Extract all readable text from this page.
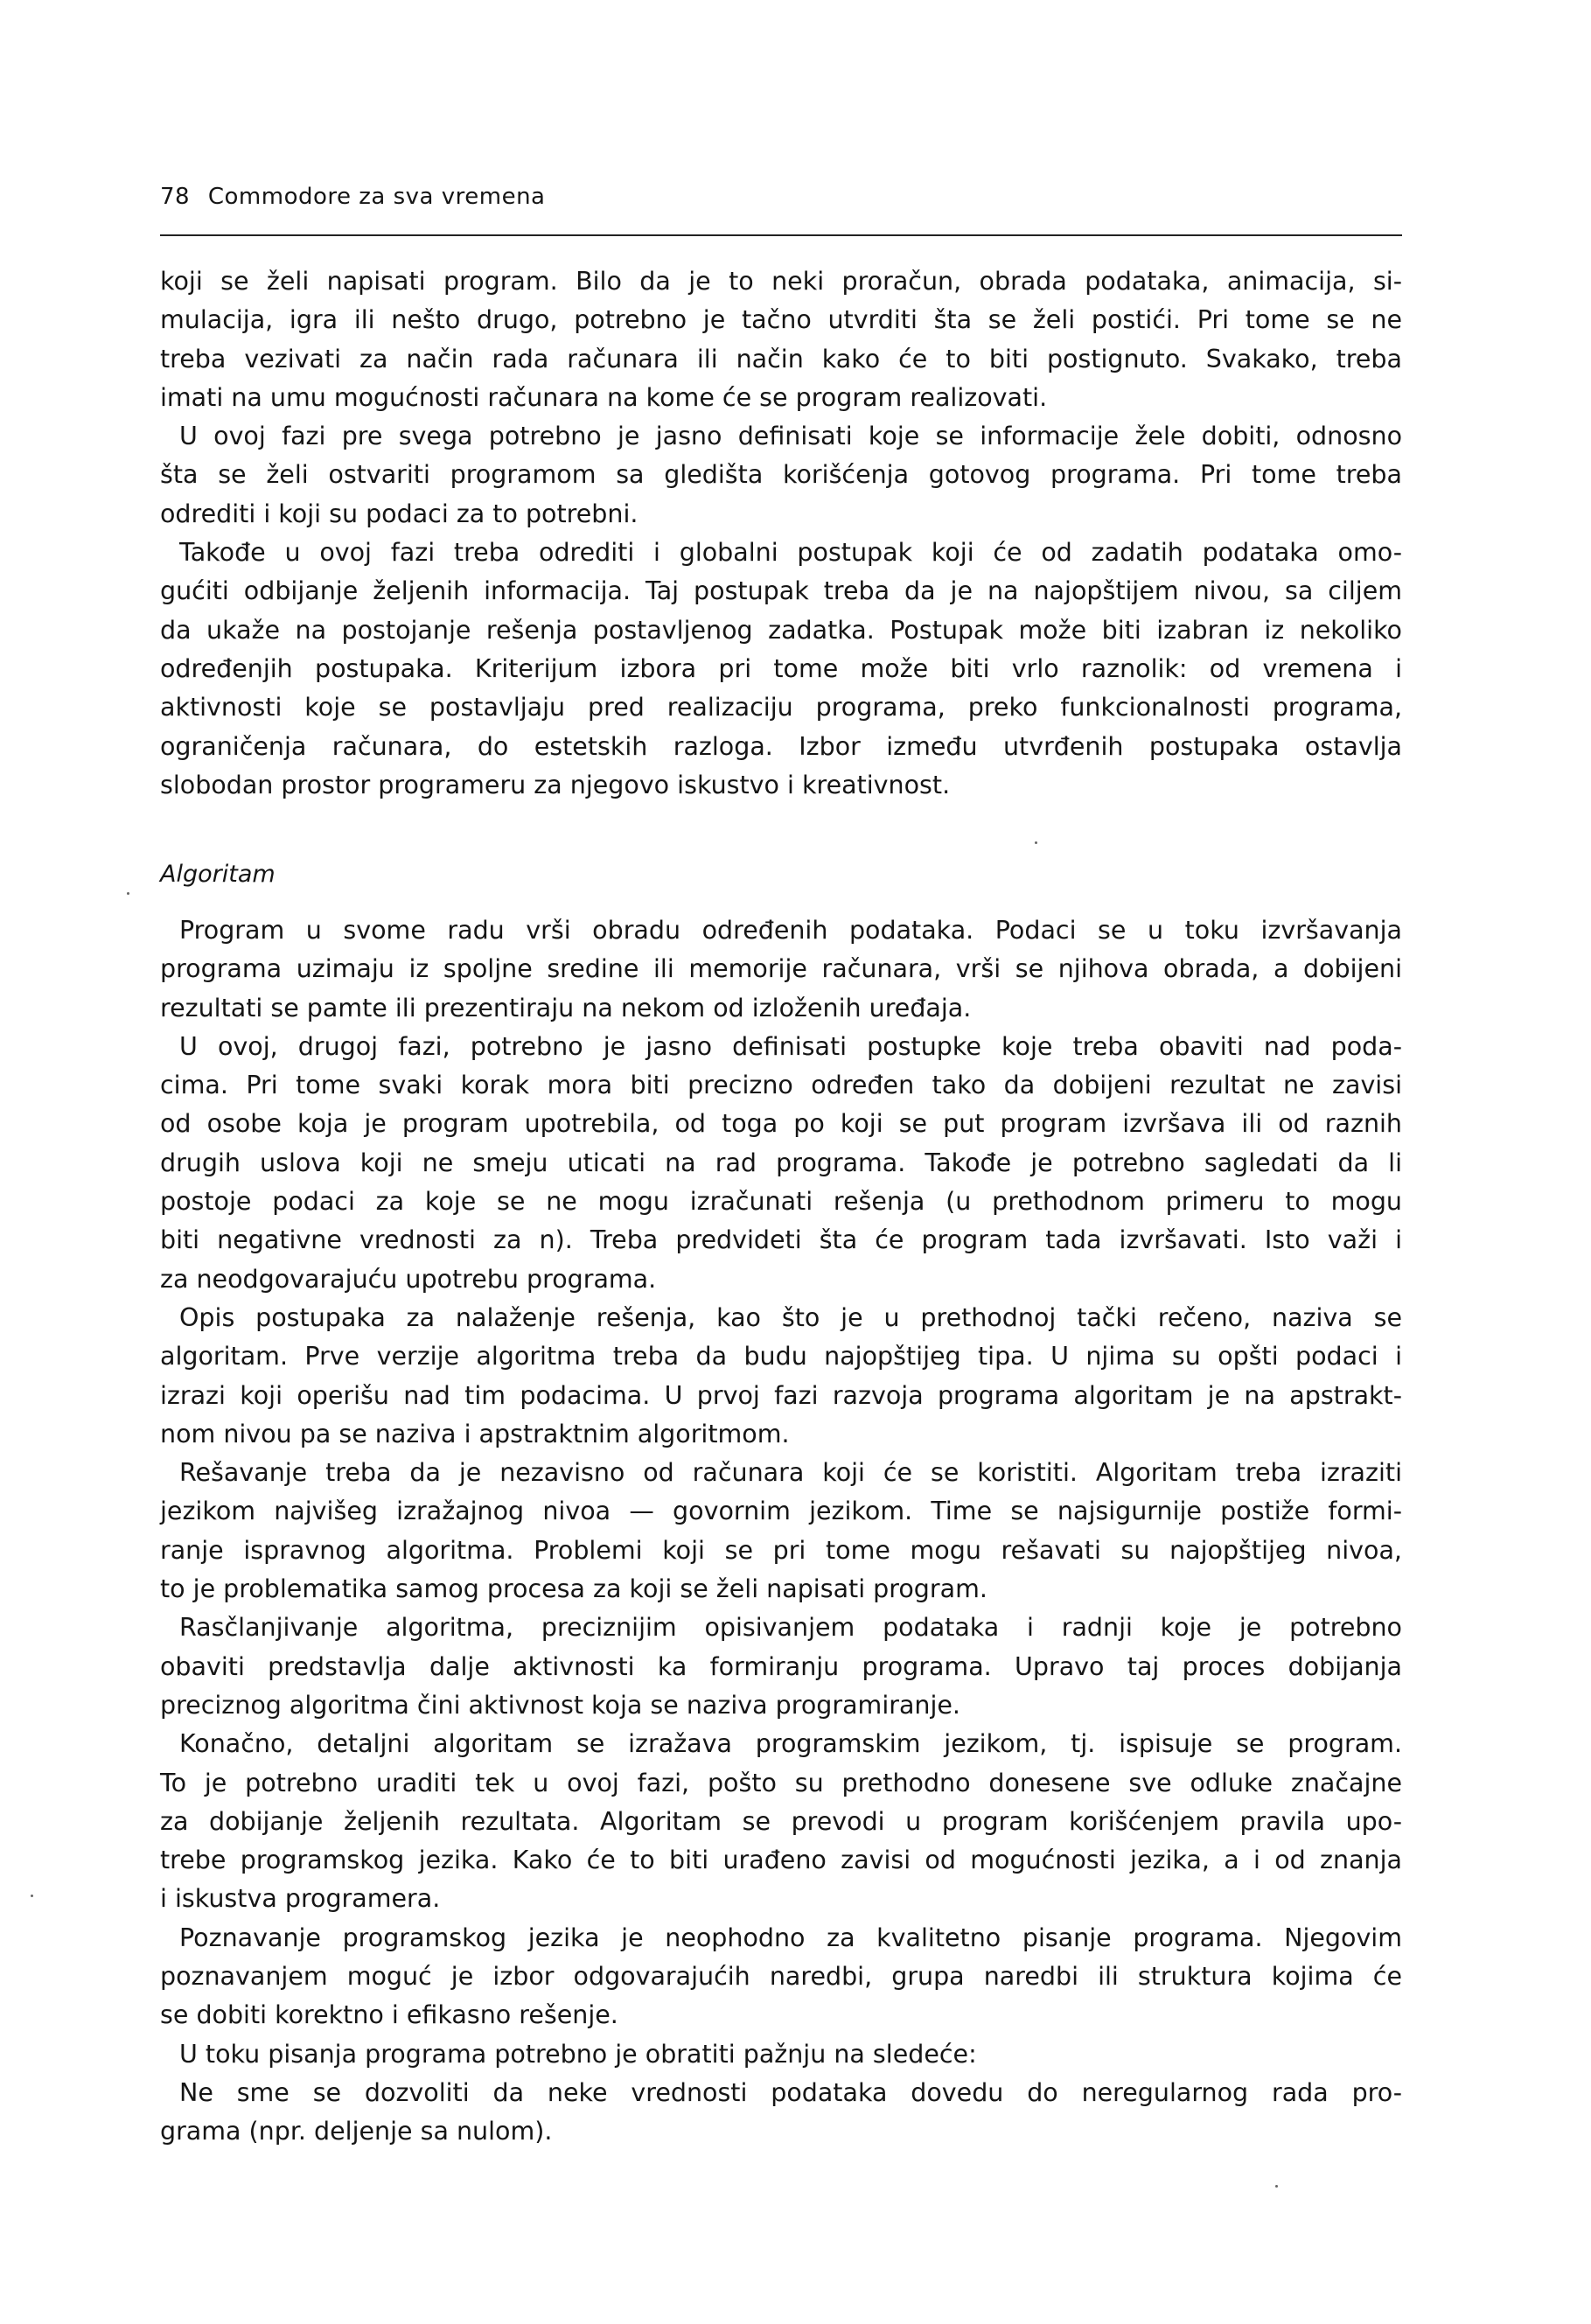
78 Commodore za sva vremena
koji se želi napisati program. Bilo da je to neki proračun, obrada podataka, animacija, si-
mulacija, igra ili nešto drugo, potrebno je tačno utvrditi šta se želi postići. Pri tome se ne
treba vezivati za način rada računara ili način kako će to biti postignuto. Svakako, treba
imati na umu mogućnosti računara na kome će se program realizovati.
U ovoj fazi pre svega potrebno je jasno definisati koje se informacije žele dobiti, odnosno
šta se želi ostvariti programom sa gledišta korišćenja gotovog programa. Pri tome treba
odrediti i koji su podaci za to potrebni.
Takođe u ovoj fazi treba odrediti i globalni postupak koji će od zadatih podataka omo-
gućiti odbijanje željenih informacija. Taj postupak treba da je na najopštijem nivou, sa ciljem
da ukaže na postojanje rešenja postavljenog zadatka. Postupak može biti izabran iz nekoliko
određenjih postupaka. Kriterijum izbora pri tome može biti vrlo raznolik: od vremena i
aktivnosti koje se postavljaju pred realizaciju programa, preko funkcionalnosti programa,
ograničenja računara, do estetskih razloga. Izbor između utvrđenih postupaka ostavlja
slobodan prostor programeru za njegovo iskustvo i kreativnost.
Algoritam
Program u svome radu vrši obradu određenih podataka. Podaci se u toku izvršavanja
programa uzimaju iz spoljne sredine ili memorije računara, vrši se njihova obrada, a dobijeni
rezultati se pamte ili prezentiraju na nekom od izloženih uređaja.
U ovoj, drugoj fazi, potrebno je jasno definisati postupke koje treba obaviti nad poda-
cima. Pri tome svaki korak mora biti precizno određen tako da dobijeni rezultat ne zavisi
od osobe koja je program upotrebila, od toga po koji se put program izvršava ili od raznih
drugih uslova koji ne smeju uticati na rad programa. Takođe je potrebno sagledati da li
postoje podaci za koje se ne mogu izračunati rešenja (u prethodnom primeru to mogu
biti negativne vrednosti za n). Treba predvideti šta će program tada izvršavati. Isto važi i
za neodgovarajuću upotrebu programa.
Opis postupaka za nalaženje rešenja, kao što je u prethodnoj tački rečeno, naziva se
algoritam. Prve verzije algoritma treba da budu najopštijeg tipa. U njima su opšti podaci i
izrazi koji operišu nad tim podacima. U prvoj fazi razvoja programa algoritam je na apstrakt-
nom nivou pa se naziva i apstraktnim algoritmom.
Rešavanje treba da je nezavisno od računara koji će se koristiti. Algoritam treba izraziti
jezikom najvišeg izražajnog nivoa — govornim jezikom. Time se najsigurnije postiže formi-
ranje ispravnog algoritma. Problemi koji se pri tome mogu rešavati su najopštijeg nivoa,
to je problematika samog procesa za koji se želi napisati program.
Rasčlanjivanje algoritma, preciznijim opisivanjem podataka i radnji koje je potrebno
obaviti predstavlja dalje aktivnosti ka formiranju programa. Upravo taj proces dobijanja
preciznog algoritma čini aktivnost koja se naziva programiranje.
Konačno, detaljni algoritam se izražava programskim jezikom, tj. ispisuje se program.
To je potrebno uraditi tek u ovoj fazi, pošto su prethodno donesene sve odluke značajne
za dobijanje željenih rezultata. Algoritam se prevodi u program korišćenjem pravila upo-
trebe programskog jezika. Kako će to biti urađeno zavisi od mogućnosti jezika, a i od znanja
i iskustva programera.
Poznavanje programskog jezika je neophodno za kvalitetno pisanje programa. Njegovim
poznavanjem moguć je izbor odgovarajućih naredbi, grupa naredbi ili struktura kojima će
se dobiti korektno i efikasno rešenje.
U toku pisanja programa potrebno je obratiti pažnju na sledeće:
Ne sme se dozvoliti da neke vrednosti podataka dovedu do neregularnog rada pro-
grama (npr. deljenje sa nulom).
